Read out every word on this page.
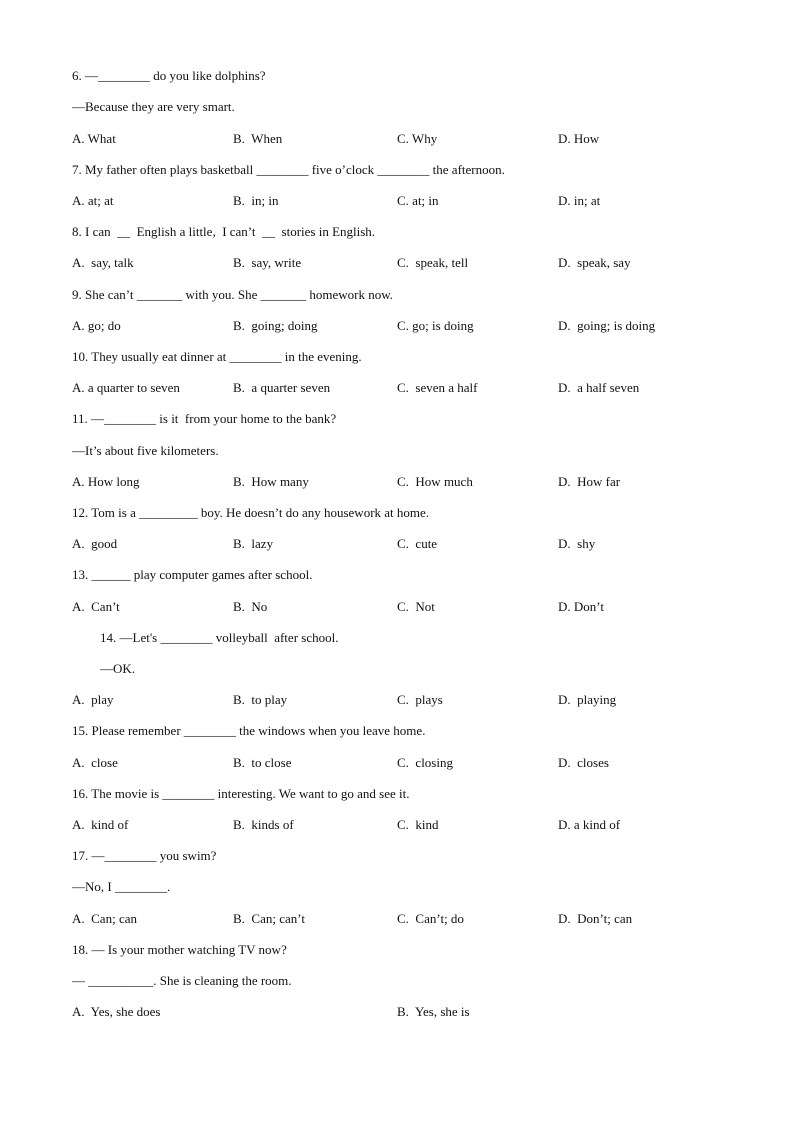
6. —________ do you like dolphins?
—Because they are very smart.
A. What	B.  When	C. Why	D. How
7. My father often plays basketball ________ five o’clock ________ the afternoon.
A. at; at	B.  in; in	C. at; in	D. in; at
8. I can  __  English a little,  I can’t  __  stories in English.
A.  say, talk	B.  say, write	C.  speak, tell	D.  speak, say
9. She can’t _______ with you. She _______ homework now.
A. go; do	B.  going; doing	C. go; is doing	D.  going; is doing
10. They usually eat dinner at ________ in the evening.
A. a quarter to seven	B.  a quarter seven	C.  seven a half	D.  a half seven
11. —________ is it  from your home to the bank?
—It’s about five kilometers.
A. How long	B.  How many	C.  How much	D.  How far
12. Tom is a _________ boy. He doesn’t do any housework at home.
A.  good	B.  lazy	C.  cute	D.  shy
13. ______ play computer games after school.
A.  Can’t	B.  No	C.  Not	D. Don’t
14. —Let's ________ volleyball  after school.
—OK.
A.  play	B.  to play	C.  plays	D.  playing
15. Please remember ________ the windows when you leave home.
A.  close	B.  to close	C.  closing	D.  closes
16. The movie is ________ interesting. We want to go and see it.
A.  kind of	B.  kinds of	C.  kind	D. a kind of
17. —________ you swim?
—No, I ________.
A.  Can; can	B.  Can; can’t	C.  Can’t; do	D.  Don’t; can
18. — Is your mother watching TV now?
— __________. She is cleaning the room.
A.  Yes, she does	B.  Yes, she is
